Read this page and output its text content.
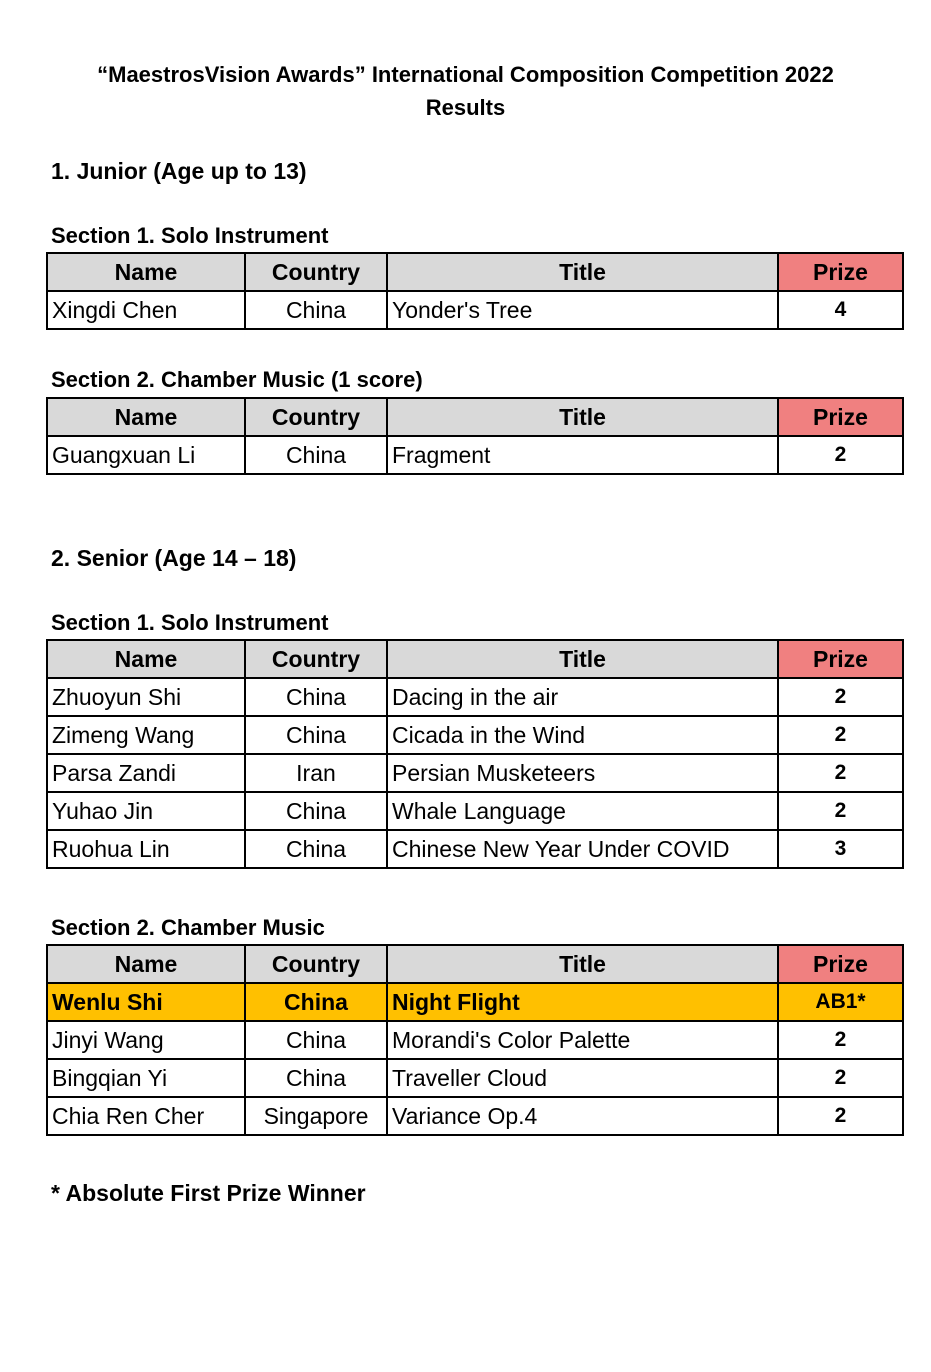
“MaestrosVision Awards” International Composition Competition 2022
Results
1. Junior (Age up to 13)
Section 1. Solo Instrument
Name	Country	Title	Prize
Xingdi Chen	China	Yonder's Tree	4
Section 2. Chamber Music (1 score)
Name	Country	Title	Prize
Guangxuan Li	China	Fragment	2
2. Senior (Age 14 – 18)
Section 1. Solo Instrument
Name	Country	Title	Prize
Zhuoyun Shi	China	Dacing in the air	2
Zimeng Wang	China	Cicada in the Wind	2
Parsa Zandi	Iran	Persian Musketeers	2
Yuhao Jin	China	Whale Language	2
Ruohua Lin	China	Chinese New Year Under COVID	3
Section 2. Chamber Music
Name	Country	Title	Prize
Wenlu Shi	China	Night Flight	AB1*
Jinyi Wang	China	Morandi's Color Palette	2
Bingqian Yi	China	Traveller Cloud	2
Chia Ren Cher	Singapore	Variance Op.4	2
* Absolute First Prize Winner
